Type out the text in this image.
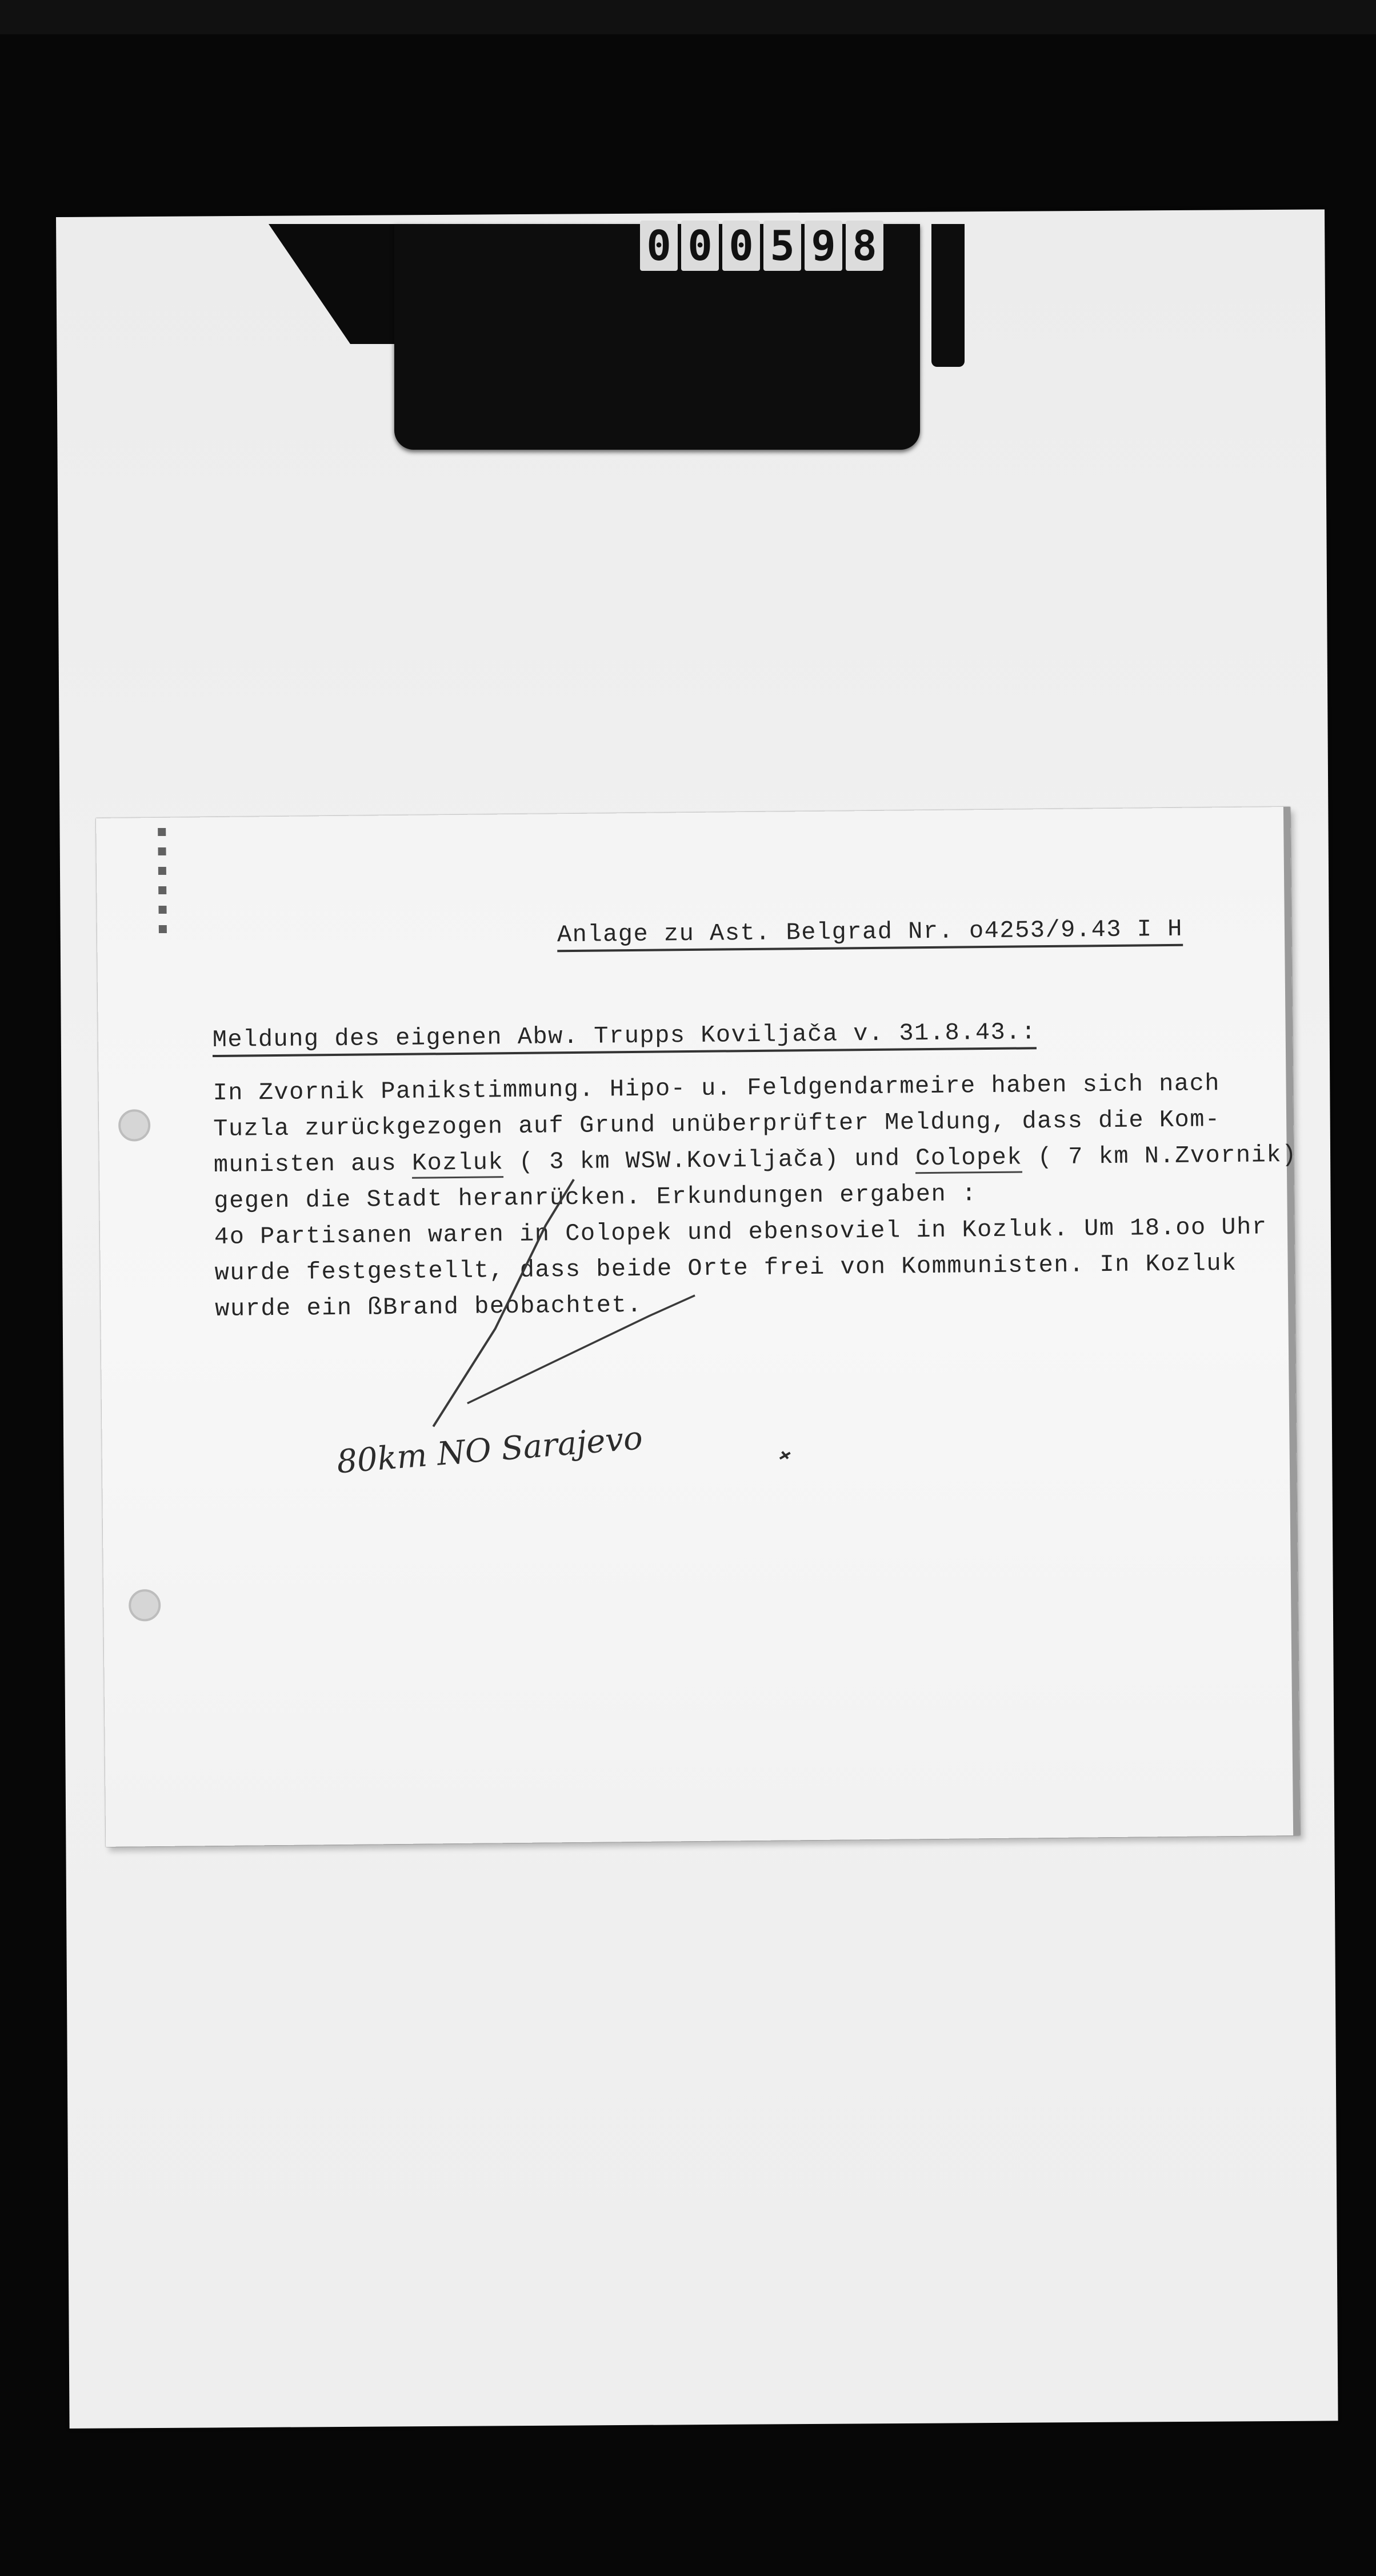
0 0 0 5 9 8
Anlage zu Ast. Belgrad Nr. o4253/9.43 I H
Meldung des eigenen Abw. Trupps Koviljača v. 31.8.43.:
In Zvornik Panikstimmung. Hipo- u. Feldgendarmeire haben sich nach
Tuzla zurückgezogen auf Grund unüberprüfter Meldung, dass die Kom-
munisten aus Kozluk ( 3 km WSW.Koviljača) und Colopek ( 7 km N.Zvornik)
gegen die Stadt heranrücken. Erkundungen ergaben :
4o Partisanen waren in Colopek und ebensoviel in Kozluk. Um 18.oo Uhr
wurde festgestellt, dass beide Orte frei von Kommunisten. In Kozluk
wurde ein ßBrand beobachtet.
80km NO Sarajevo
